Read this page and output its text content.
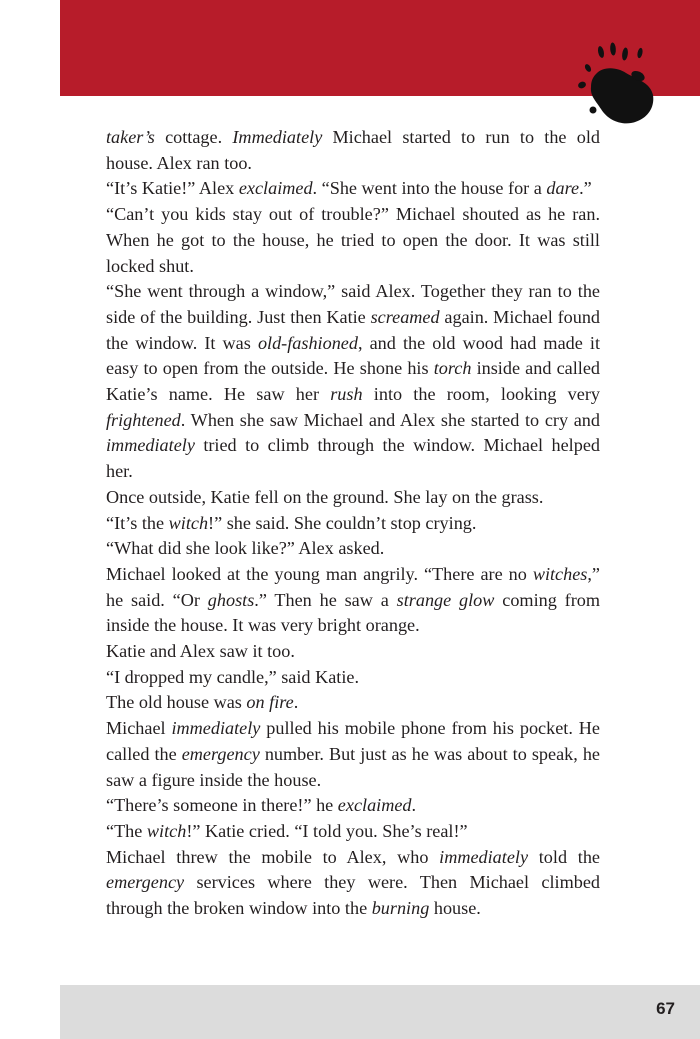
taker’s cottage. Immediately Michael started to run to the old house. Alex ran too.

“It’s Katie!” Alex exclaimed. “She went into the house for a dare.”

“Can’t you kids stay out of trouble?” Michael shouted as he ran. When he got to the house, he tried to open the door. It was still locked shut.

“She went through a window,” said Alex. Together they ran to the side of the building. Just then Katie screamed again. Michael found the window. It was old-fashioned, and the old wood had made it easy to open from the outside. He shone his torch inside and called Katie’s name. He saw her rush into the room, looking very frightened. When she saw Michael and Alex she started to cry and immediately tried to climb through the window. Michael helped her.

Once outside, Katie fell on the ground. She lay on the grass.

“It’s the witch!” she said. She couldn’t stop crying.

“What did she look like?” Alex asked.

Michael looked at the young man angrily. “There are no witches,” he said. “Or ghosts.” Then he saw a strange glow coming from inside the house. It was very bright orange.

Katie and Alex saw it too.

“I dropped my candle,” said Katie.

The old house was on fire.

Michael immediately pulled his mobile phone from his pocket. He called the emergency number. But just as he was about to speak, he saw a figure inside the house.

“There’s someone in there!” he exclaimed.

“The witch!” Katie cried. “I told you. She’s real!”

Michael threw the mobile to Alex, who immediately told the emergency services where they were. Then Michael climbed through the broken window into the burning house.

67
